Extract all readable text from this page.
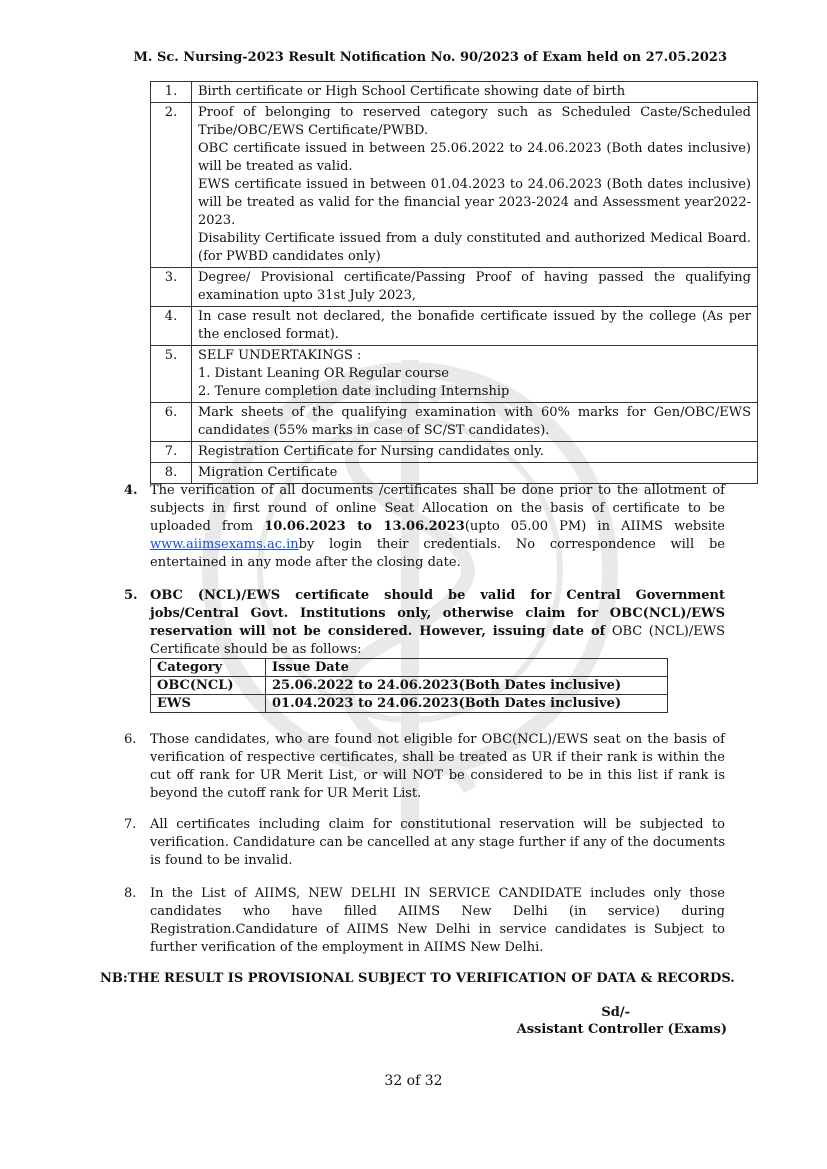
M. Sc. Nursing-2023 Result Notification No. 90/2023 of Exam held on 27.05.2023
1.	Birth certificate or High School Certificate showing date of birth

2.	Proof of belonging to reserved category such as Scheduled Caste/Scheduled Tribe/OBC/EWS Certificate/PWBD.
OBC certificate issued in between 25.06.2022 to 24.06.2023 (Both dates inclusive) will be treated as valid.
EWS certificate issued in between 01.04.2023 to 24.06.2023 (Both dates inclusive) will be treated as valid for the financial year 2023-2024 and Assessment year2022-2023.
Disability Certificate issued from a duly constituted and authorized Medical Board. (for PWBD candidates only)

3.	Degree/ Provisional certificate/Passing Proof of having passed the qualifying examination upto 31st July 2023,

4.	In case result not declared, the bonafide certificate issued by the college (As per the enclosed format).

5.	SELF UNDERTAKINGS :
1. Distant Leaning OR Regular course
2. Tenure completion date including Internship

6.	Mark sheets of the qualifying examination with 60% marks for Gen/OBC/EWS candidates (55% marks in case of SC/ST candidates).

7.	Registration Certificate for Nursing candidates only.

8.	Migration Certificate
4. The verification of all documents /certificates shall be done prior to the allotment of subjects in first round of online Seat Allocation on the basis of certificate to be uploaded from 10.06.2023 to 13.06.2023(upto 05.00 PM) in AIIMS website www.aiimsexams.ac.inby login their credentials. No correspondence will be entertained in any mode after the closing date.
5. OBC (NCL)/EWS certificate should be valid for Central Government jobs/Central Govt. Institutions only, otherwise claim for OBC(NCL)/EWS reservation will not be considered. However, issuing date of OBC (NCL)/EWS Certificate should be as follows:
Category	Issue Date
OBC(NCL)	25.06.2022 to 24.06.2023(Both Dates inclusive)
EWS	01.04.2023 to 24.06.2023(Both Dates inclusive)
6. Those candidates, who are found not eligible for OBC(NCL)/EWS seat on the basis of verification of respective certificates, shall be treated as UR if their rank is within the cut off rank for UR Merit List, or will NOT be considered to be in this list if rank is beyond the cutoff rank for UR Merit List.
7. All certificates including claim for constitutional reservation will be subjected to verification. Candidature can be cancelled at any stage further if any of the documents is found to be invalid.
8. In the List of AIIMS, NEW DELHI IN SERVICE CANDIDATE includes only those candidates who have filled AIIMS New Delhi (in service) during Registration.Candidature of AIIMS New Delhi in service candidates is Subject to further verification of the employment in AIIMS New Delhi.
NB:THE RESULT IS PROVISIONAL SUBJECT TO VERIFICATION OF DATA & RECORDS.
Sd/-
Assistant Controller (Exams)
32 of 32
